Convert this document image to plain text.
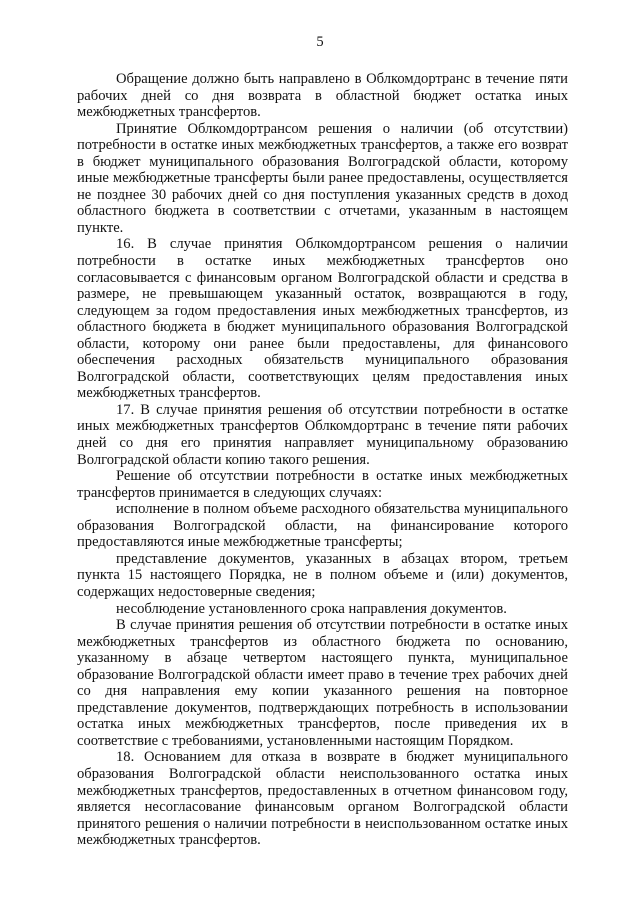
5

Обращение должно быть направлено в Облкомдортранс в течение пяти рабочих дней со дня возврата в областной бюджет остатка иных межбюджетных трансфертов.

Принятие Облкомдортрансом решения о наличии (об отсутствии) потребности в остатке иных межбюджетных трансфертов, а также его возврат в бюджет муниципального образования Волгоградской области, которому иные межбюджетные трансферты были ранее предоставлены, осуществляется не позднее 30 рабочих дней со дня поступления указанных средств в доход областного бюджета в соответствии с отчетами, указанным в настоящем пункте.

16. В случае принятия Облкомдортрансом решения о наличии потребности в остатке иных межбюджетных трансфертов оно согласовывается с финансовым органом Волгоградской области и средства в размере, не превышающем указанный остаток, возвращаются в году, следующем за годом предоставления иных межбюджетных трансфертов, из областного бюджета в бюджет муниципального образования Волгоградской области, которому они ранее были предоставлены, для финансового обеспечения расходных обязательств муниципального образования Волгоградской области, соответствующих целям предоставления иных межбюджетных трансфертов.

17. В случае принятия решения об отсутствии потребности в остатке иных межбюджетных трансфертов Облкомдортранс в течение пяти рабочих дней со дня его принятия направляет муниципальному образованию Волгоградской области копию такого решения.

Решение об отсутствии потребности в остатке иных межбюджетных трансфертов принимается в следующих случаях:

исполнение в полном объеме расходного обязательства муниципального образования Волгоградской области, на финансирование которого предоставляются иные межбюджетные трансферты;

представление документов, указанных в абзацах втором, третьем пункта 15 настоящего Порядка, не в полном объеме и (или) документов, содержащих недостоверные сведения;

несоблюдение установленного срока направления документов.

В случае принятия решения об отсутствии потребности в остатке иных межбюджетных трансфертов из областного бюджета по основанию, указанному в абзаце четвертом настоящего пункта, муниципальное образование Волгоградской области имеет право в течение трех рабочих дней со дня направления ему копии указанного решения на повторное представление документов, подтверждающих потребность в использовании остатка иных межбюджетных трансфертов, после приведения их в соответствие с требованиями, установленными настоящим Порядком.

18. Основанием для отказа в возврате в бюджет муниципального образования Волгоградской области неиспользованного остатка иных межбюджетных трансфертов, предоставленных в отчетном финансовом году, является несогласование финансовым органом Волгоградской области принятого решения о наличии потребности в неиспользованном остатке иных межбюджетных трансфертов.
